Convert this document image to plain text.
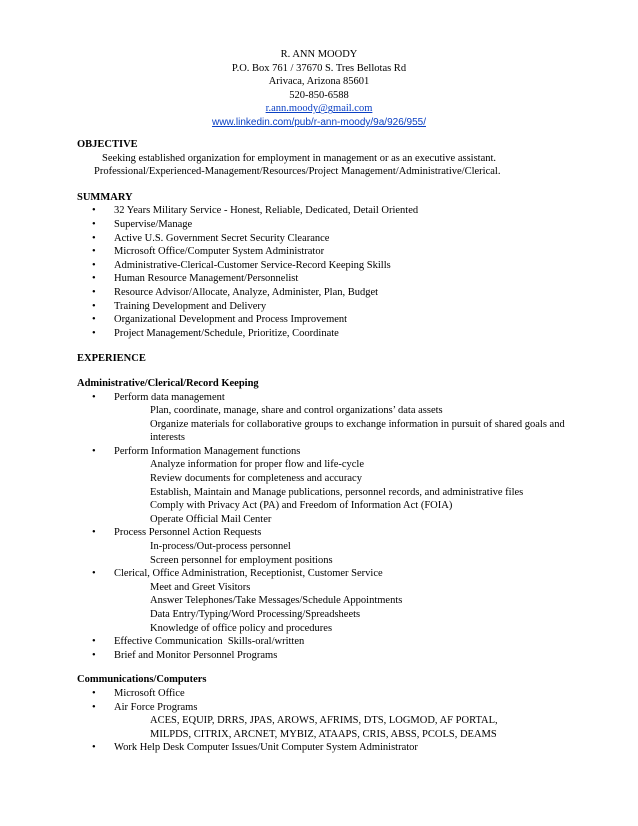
R. ANN MOODY
P.O. Box 761 / 37670 S. Tres Bellotas Rd
Arivaca, Arizona 85601
520-850-6588
r.ann.moody@gmail.com
www.linkedin.com/pub/r-ann-moody/9a/926/955/
OBJECTIVE
Seeking established organization for employment in management or as an executive assistant.
Professional/Experienced-Management/Resources/Project Management/Administrative/Clerical.
SUMMARY
• 32 Years Military Service - Honest, Reliable, Dedicated, Detail Oriented
• Supervise/Manage
• Active U.S. Government Secret Security Clearance
• Microsoft Office/Computer System Administrator
• Administrative-Clerical-Customer Service-Record Keeping Skills
• Human Resource Management/Personnelist
• Resource Advisor/Allocate, Analyze, Administer, Plan, Budget
• Training Development and Delivery
• Organizational Development and Process Improvement
• Project Management/Schedule, Prioritize, Coordinate
EXPERIENCE
Administrative/Clerical/Record Keeping
• Perform data management
Plan, coordinate, manage, share and control organizations’ data assets
Organize materials for collaborative groups to exchange information in pursuit of shared goals and interests
• Perform Information Management functions
Analyze information for proper flow and life-cycle
Review documents for completeness and accuracy
Establish, Maintain and Manage publications, personnel records, and administrative files
Comply with Privacy Act (PA) and Freedom of Information Act (FOIA)
Operate Official Mail Center
• Process Personnel Action Requests
In-process/Out-process personnel
Screen personnel for employment positions
• Clerical, Office Administration, Receptionist, Customer Service
Meet and Greet Visitors
Answer Telephones/Take Messages/Schedule Appointments
Data Entry/Typing/Word Processing/Spreadsheets
Knowledge of office policy and procedures
• Effective Communication  Skills-oral/written
• Brief and Monitor Personnel Programs
Communications/Computers
• Microsoft Office
• Air Force Programs
ACES, EQUIP, DRRS, JPAS, AROWS, AFRIMS, DTS, LOGMOD, AF PORTAL,
MILPDS, CITRIX, ARCNET, MYBIZ, ATAAPS, CRIS, ABSS, PCOLS, DEAMS
• Work Help Desk Computer Issues/Unit Computer System Administrator
